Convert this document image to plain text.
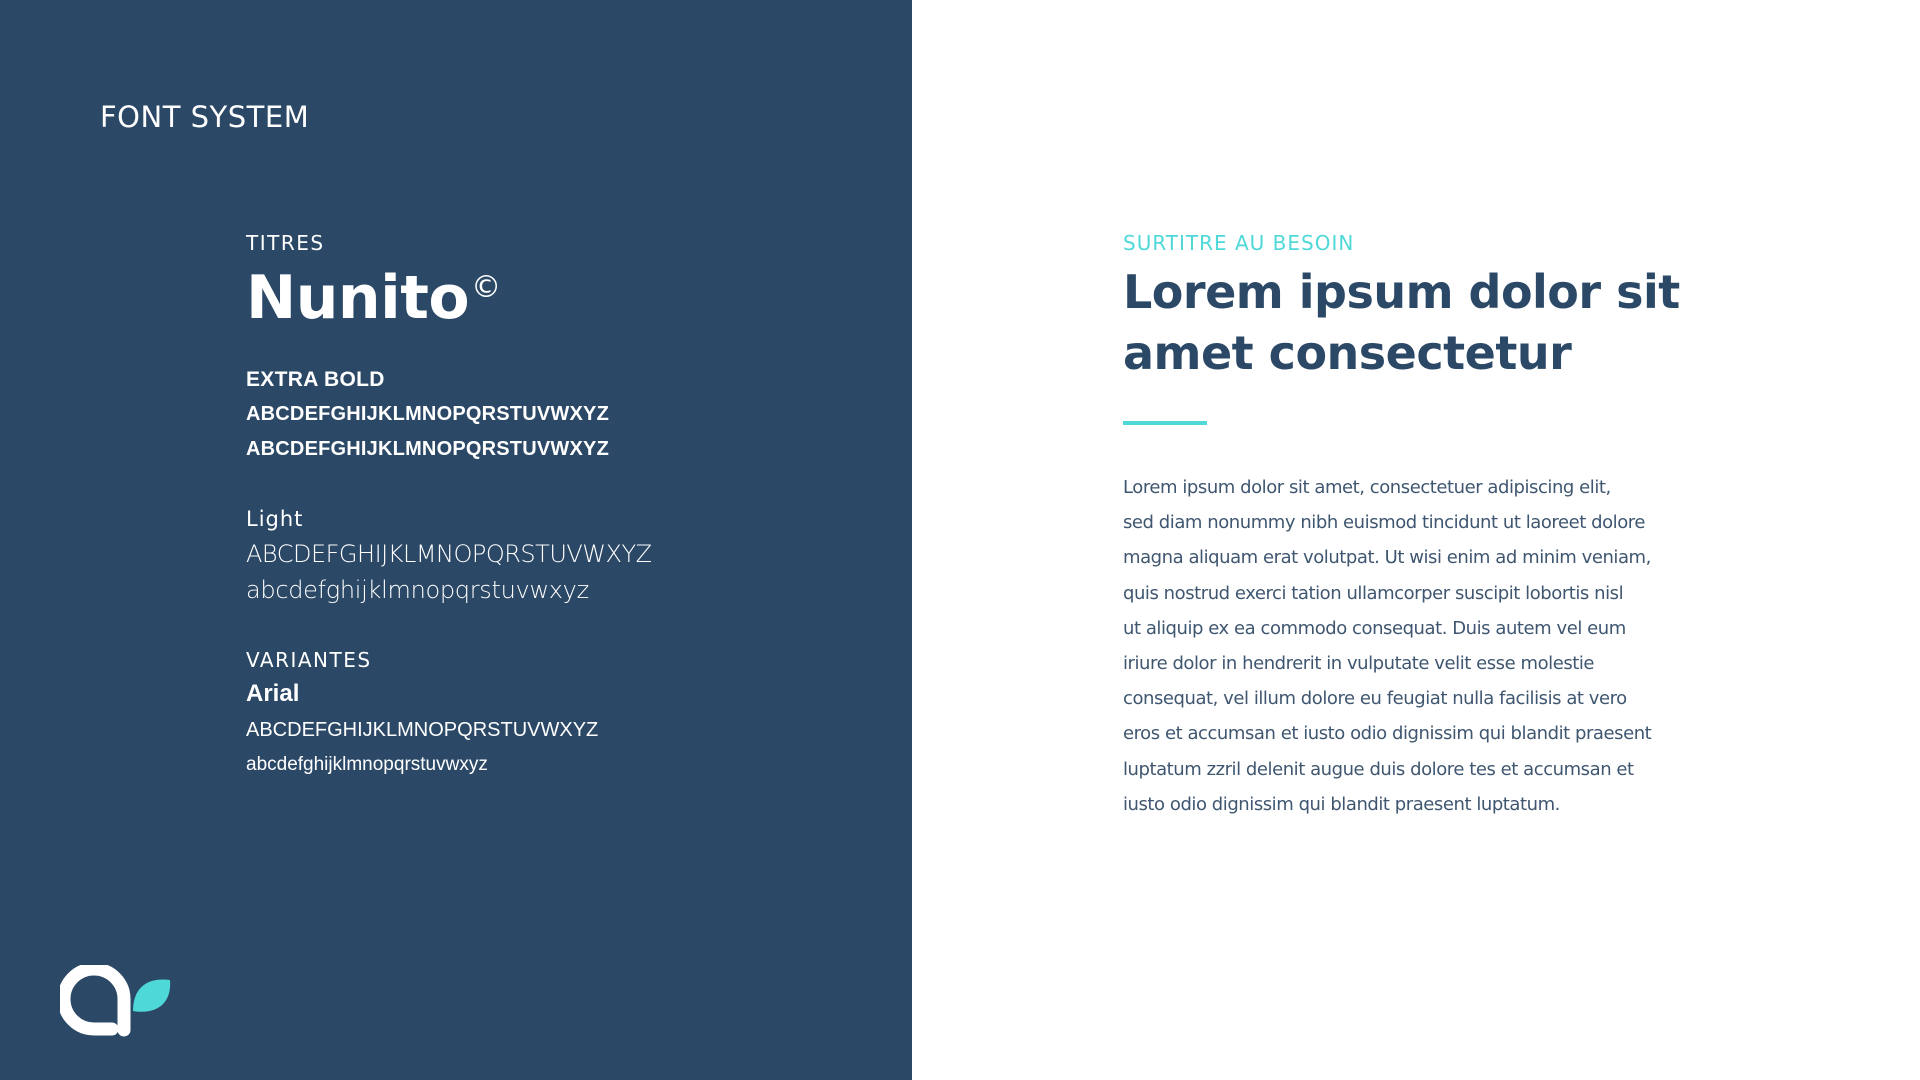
FONT SYSTEM
TITRES
Nunito©
EXTRA BOLD
ABCDEFGHIJKLMNOPQRSTUVWXYZ
ABCDEFGHIJKLMNOPQRSTUVWXYZ
Light
ABCDEFGHIJKLMNOPQRSTUVWXYZ
abcdefghijklmnopqrstuvwxyz
VARIANTES
Arial
ABCDEFGHIJKLMNOPQRSTUVWXYZ
abcdefghijklmnopqrstuvwxyz
SURTITRE AU BESOIN
Lorem ipsum dolor sit
amet consectetur
Lorem ipsum dolor sit amet, consectetuer adipiscing elit,
sed diam nonummy nibh euismod tincidunt ut laoreet dolore
magna aliquam erat volutpat. Ut wisi enim ad minim veniam,
quis nostrud exerci tation ullamcorper suscipit lobortis nisl
ut aliquip ex ea commodo consequat. Duis autem vel eum
iriure dolor in hendrerit in vulputate velit esse molestie
consequat, vel illum dolore eu feugiat nulla facilisis at vero
eros et accumsan et iusto odio dignissim qui blandit praesent
luptatum zzril delenit augue duis dolore tes et accumsan et
iusto odio dignissim qui blandit praesent luptatum.
